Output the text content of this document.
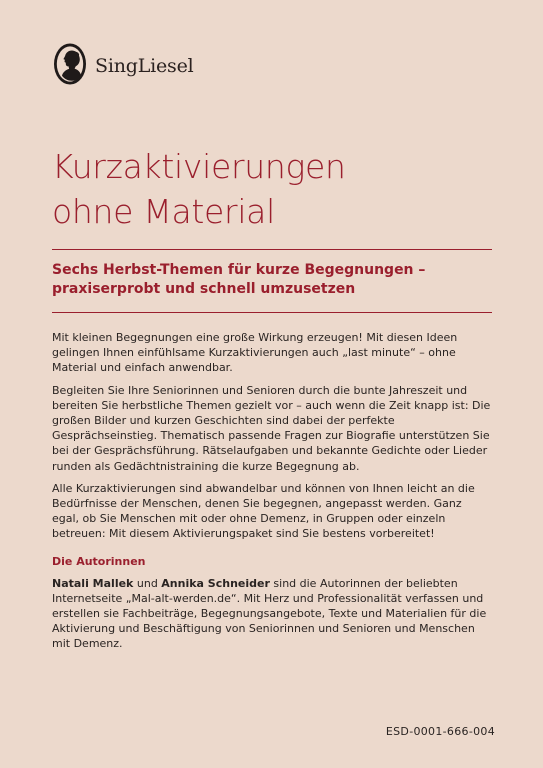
SingLiesel
Kurzaktivierungen
ohne Material
Sechs Herbst-Themen für kurze Begegnungen –
praxiserprobt und schnell umzusetzen

Mit kleinen Begegnungen eine große Wirkung erzeugen! Mit diesen Ideen gelingen Ihnen einfühlsame Kurzaktivierungen auch „last minute“ – ohne Material und einfach anwendbar.

Begleiten Sie Ihre Seniorinnen und Senioren durch die bunte Jahreszeit und bereiten Sie herbstliche Themen gezielt vor – auch wenn die Zeit knapp ist: Die großen Bilder und kurzen Geschichten sind dabei der perfekte Gesprächseinstieg. Thematisch passende Fragen zur Biografie unterstützen Sie bei der Gesprächsführung. Rätselaufgaben und bekannte Gedichte oder Lieder runden als Gedächtnistraining die kurze Begegnung ab.

Alle Kurzaktivierungen sind abwandelbar und können von Ihnen leicht an die Bedürfnisse der Menschen, denen Sie begegnen, angepasst werden. Ganz egal, ob Sie Menschen mit oder ohne Demenz, in Gruppen oder einzeln betreuen: Mit diesem Aktivierungspaket sind Sie bestens vorbereitet!

Die Autorinnen

Natali Mallek und Annika Schneider sind die Autorinnen der beliebten Internetseite „Mal-alt-werden.de“. Mit Herz und Professionalität verfassen und erstellen sie Fachbeiträge, Begegnungsangebote, Texte und Materialien für die Aktivierung und Beschäftigung von Seniorinnen und Senioren und Menschen mit Demenz.

ESD-0001-666-004
